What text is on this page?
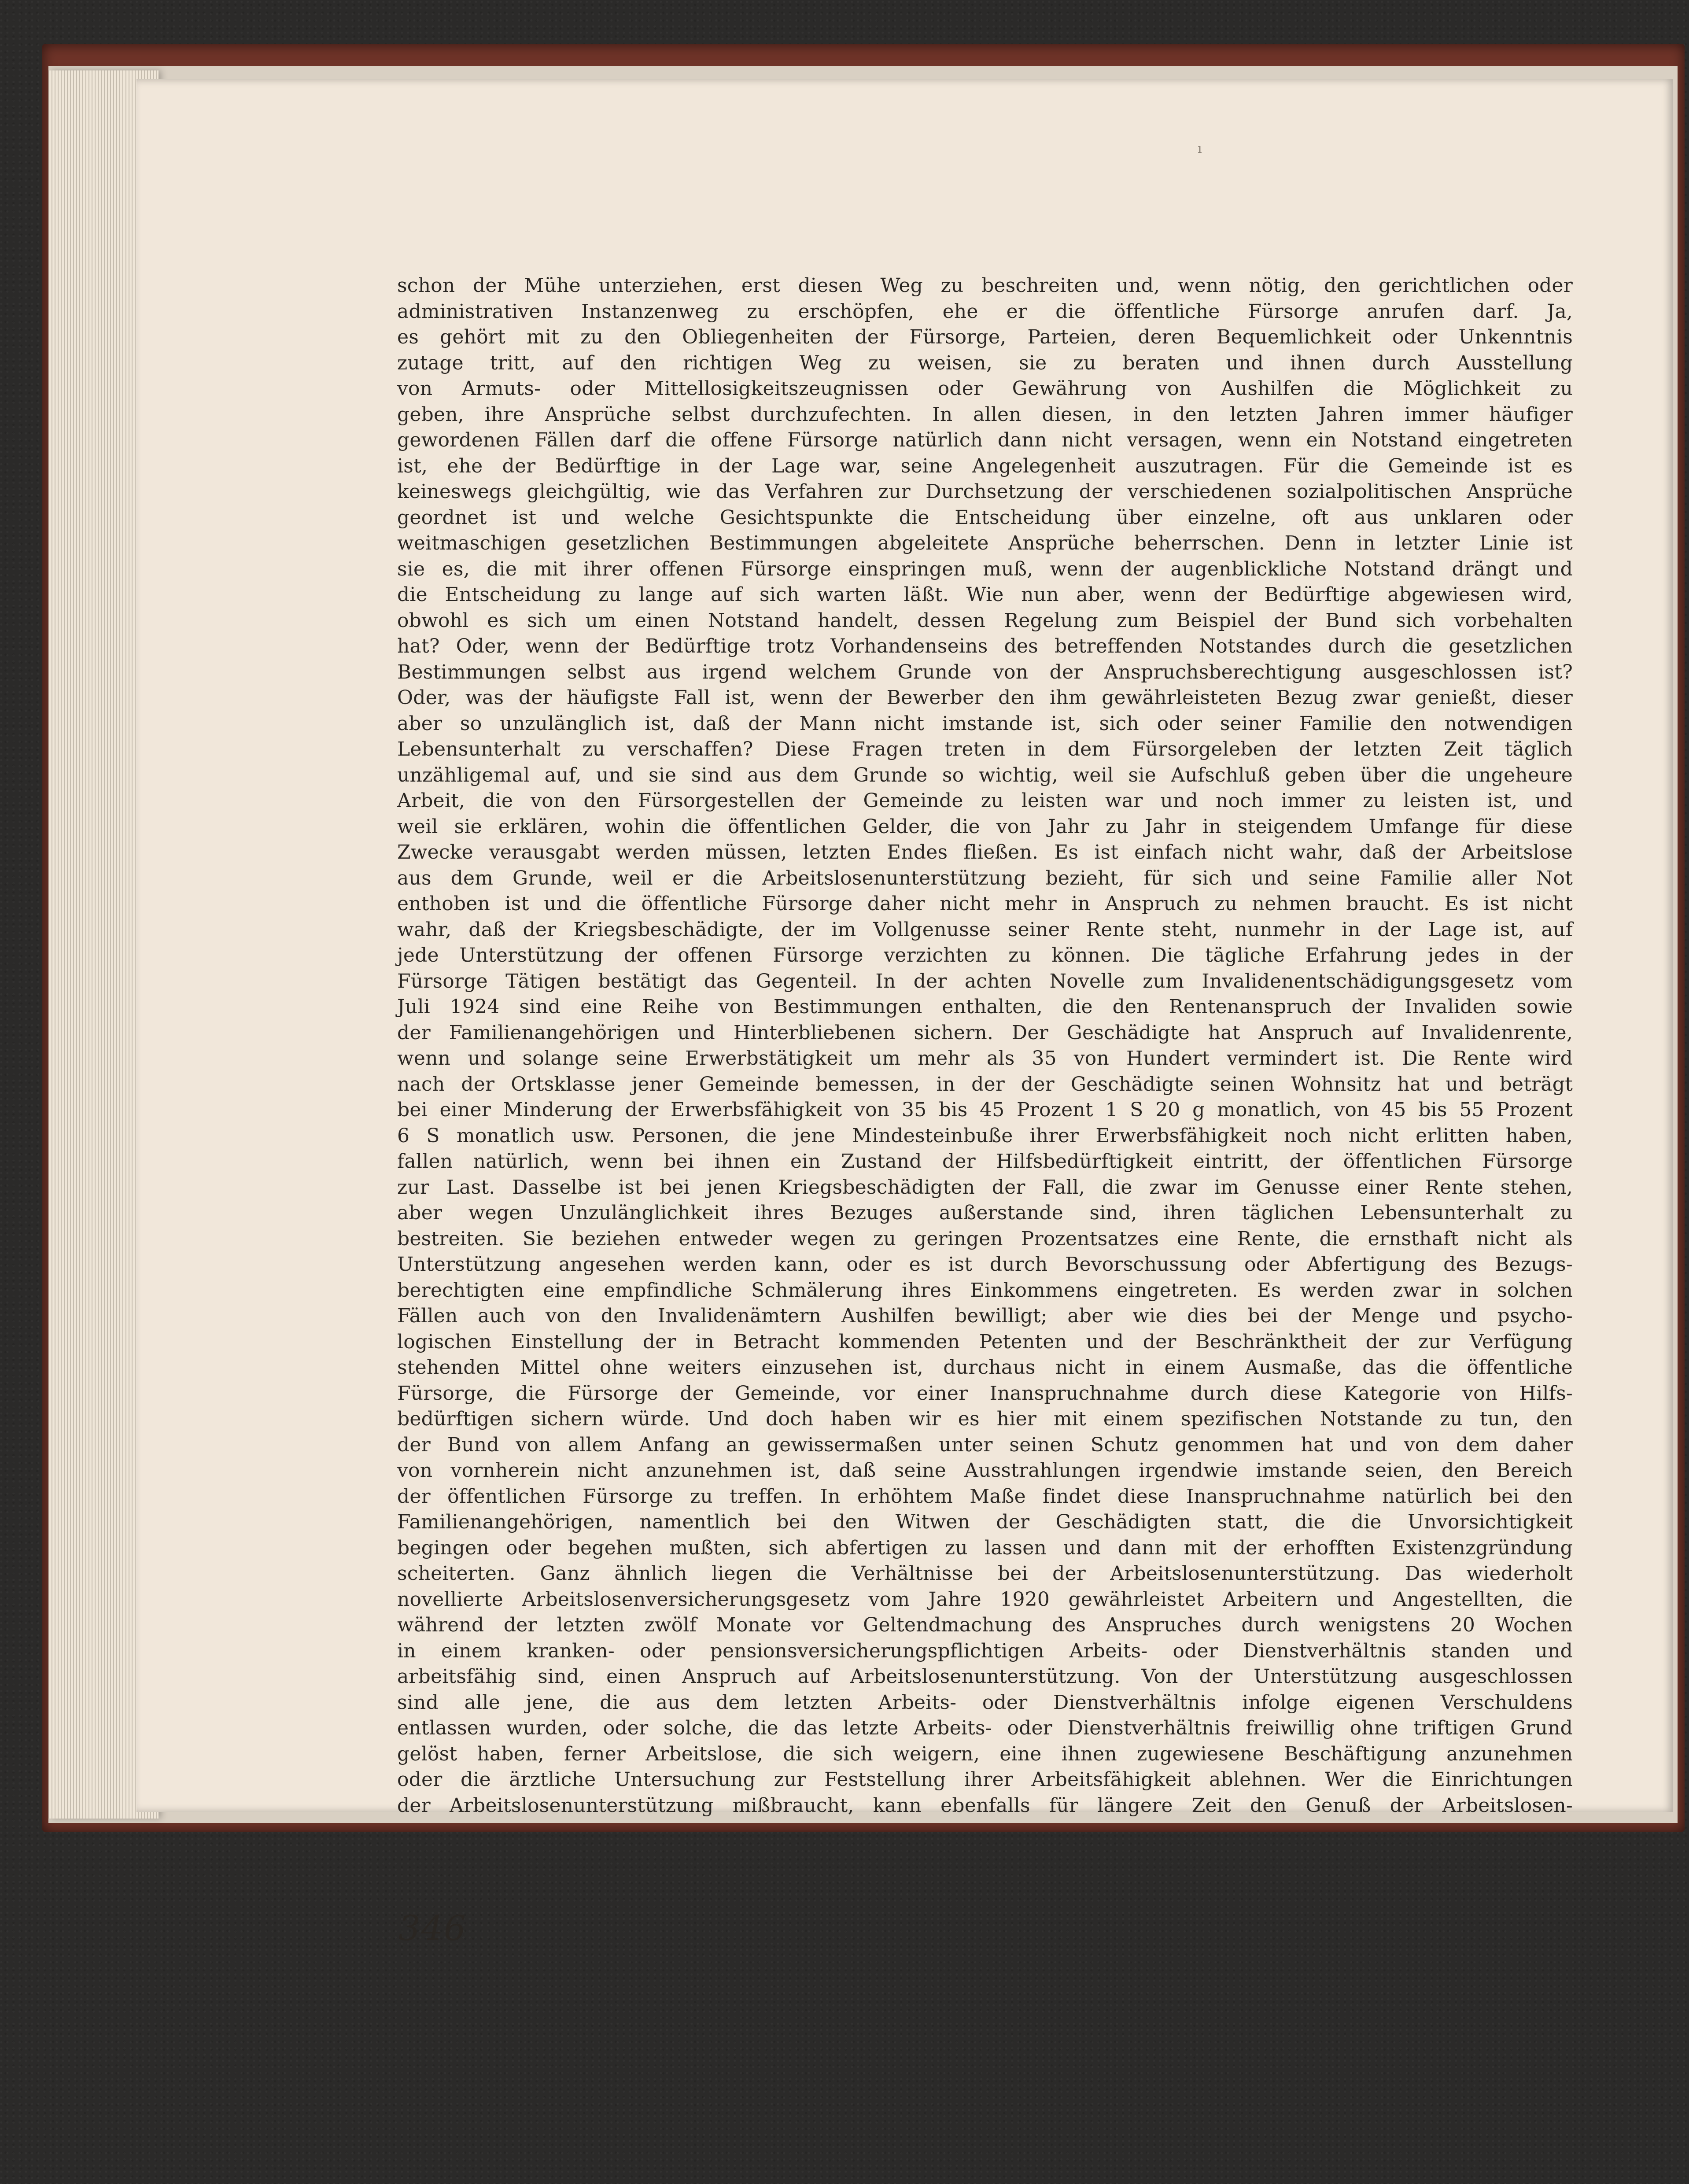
ı
schon der Mühe unterziehen, erst diesen Weg zu beschreiten und, wenn nötig, den gerichtlichen oder
administrativen Instanzenweg zu erschöpfen, ehe er die öffentliche Fürsorge anrufen darf. Ja,
es gehört mit zu den Obliegenheiten der Fürsorge, Parteien, deren Bequemlichkeit oder Unkenntnis
zutage tritt, auf den richtigen Weg zu weisen, sie zu beraten und ihnen durch Ausstellung
von Armuts- oder Mittellosigkeitszeugnissen oder Gewährung von Aushilfen die Möglichkeit zu
geben, ihre Ansprüche selbst durchzufechten. In allen diesen, in den letzten Jahren immer häufiger
gewordenen Fällen darf die offene Fürsorge natürlich dann nicht versagen, wenn ein Notstand eingetreten
ist, ehe der Bedürftige in der Lage war, seine Angelegenheit auszutragen. Für die Gemeinde ist es
keineswegs gleichgültig, wie das Verfahren zur Durchsetzung der verschiedenen sozialpolitischen Ansprüche
geordnet ist und welche Gesichtspunkte die Entscheidung über einzelne, oft aus unklaren oder
weitmaschigen gesetzlichen Bestimmungen abgeleitete Ansprüche beherrschen. Denn in letzter Linie ist
sie es, die mit ihrer offenen Fürsorge einspringen muß, wenn der augenblickliche Notstand drängt und
die Entscheidung zu lange auf sich warten läßt. Wie nun aber, wenn der Bedürftige abgewiesen wird,
obwohl es sich um einen Notstand handelt, dessen Regelung zum Beispiel der Bund sich vorbehalten
hat? Oder, wenn der Bedürftige trotz Vorhandenseins des betreffenden Notstandes durch die gesetzlichen
Bestimmungen selbst aus irgend welchem Grunde von der Anspruchsberechtigung ausgeschlossen ist?
Oder, was der häufigste Fall ist, wenn der Bewerber den ihm gewährleisteten Bezug zwar genießt, dieser
aber so unzulänglich ist, daß der Mann nicht imstande ist, sich oder seiner Familie den notwendigen
Lebensunterhalt zu verschaffen? Diese Fragen treten in dem Fürsorgeleben der letzten Zeit täglich
unzähligemal auf, und sie sind aus dem Grunde so wichtig, weil sie Aufschluß geben über die ungeheure
Arbeit, die von den Fürsorgestellen der Gemeinde zu leisten war und noch immer zu leisten ist, und
weil sie erklären, wohin die öffentlichen Gelder, die von Jahr zu Jahr in steigendem Umfange für diese
Zwecke verausgabt werden müssen, letzten Endes fließen. Es ist einfach nicht wahr, daß der Arbeitslose
aus dem Grunde, weil er die Arbeitslosenunterstützung bezieht, für sich und seine Familie aller Not
enthoben ist und die öffentliche Fürsorge daher nicht mehr in Anspruch zu nehmen braucht. Es ist nicht
wahr, daß der Kriegsbeschädigte, der im Vollgenusse seiner Rente steht, nunmehr in der Lage ist, auf
jede Unterstützung der offenen Fürsorge verzichten zu können. Die tägliche Erfahrung jedes in der
Fürsorge Tätigen bestätigt das Gegenteil. In der achten Novelle zum Invalidenentschädigungsgesetz vom
Juli 1924 sind eine Reihe von Bestimmungen enthalten, die den Rentenanspruch der Invaliden sowie
der Familienangehörigen und Hinterbliebenen sichern. Der Geschädigte hat Anspruch auf Invalidenrente,
wenn und solange seine Erwerbstätigkeit um mehr als 35 von Hundert vermindert ist. Die Rente wird
nach der Ortsklasse jener Gemeinde bemessen, in der der Geschädigte seinen Wohnsitz hat und beträgt
bei einer Minderung der Erwerbsfähigkeit von 35 bis 45 Prozent 1 S 20 g monatlich, von 45 bis 55 Prozent
6 S monatlich usw. Personen, die jene Mindesteinbuße ihrer Erwerbsfähigkeit noch nicht erlitten haben,
fallen natürlich, wenn bei ihnen ein Zustand der Hilfsbedürftigkeit eintritt, der öffentlichen Fürsorge
zur Last. Dasselbe ist bei jenen Kriegsbeschädigten der Fall, die zwar im Genusse einer Rente stehen,
aber wegen Unzulänglichkeit ihres Bezuges außerstande sind, ihren täglichen Lebensunterhalt zu
bestreiten. Sie beziehen entweder wegen zu geringen Prozentsatzes eine Rente, die ernsthaft nicht als
Unterstützung angesehen werden kann, oder es ist durch Bevorschussung oder Abfertigung des Bezugs-
berechtigten eine empfindliche Schmälerung ihres Einkommens eingetreten. Es werden zwar in solchen
Fällen auch von den Invalidenämtern Aushilfen bewilligt; aber wie dies bei der Menge und psycho-
logischen Einstellung der in Betracht kommenden Petenten und der Beschränktheit der zur Verfügung
stehenden Mittel ohne weiters einzusehen ist, durchaus nicht in einem Ausmaße, das die öffentliche
Fürsorge, die Fürsorge der Gemeinde, vor einer Inanspruchnahme durch diese Kategorie von Hilfs-
bedürftigen sichern würde. Und doch haben wir es hier mit einem spezifischen Notstande zu tun, den
der Bund von allem Anfang an gewissermaßen unter seinen Schutz genommen hat und von dem daher
von vornherein nicht anzunehmen ist, daß seine Ausstrahlungen irgendwie imstande seien, den Bereich
der öffentlichen Fürsorge zu treffen. In erhöhtem Maße findet diese Inanspruchnahme natürlich bei den
Familienangehörigen, namentlich bei den Witwen der Geschädigten statt, die die Unvorsichtigkeit
begingen oder begehen mußten, sich abfertigen zu lassen und dann mit der erhofften Existenzgründung
scheiterten. Ganz ähnlich liegen die Verhältnisse bei der Arbeitslosenunterstützung. Das wiederholt
novellierte Arbeitslosenversicherungsgesetz vom Jahre 1920 gewährleistet Arbeitern und Angestellten, die
während der letzten zwölf Monate vor Geltendmachung des Anspruches durch wenigstens 20 Wochen
in einem kranken- oder pensionsversicherungspflichtigen Arbeits- oder Dienstverhältnis standen und
arbeitsfähig sind, einen Anspruch auf Arbeitslosenunterstützung. Von der Unterstützung ausgeschlossen
sind alle jene, die aus dem letzten Arbeits- oder Dienstverhältnis infolge eigenen Verschuldens
entlassen wurden, oder solche, die das letzte Arbeits- oder Dienstverhältnis freiwillig ohne triftigen Grund
gelöst haben, ferner Arbeitslose, die sich weigern, eine ihnen zugewiesene Beschäftigung anzunehmen
oder die ärztliche Untersuchung zur Feststellung ihrer Arbeitsfähigkeit ablehnen. Wer die Einrichtungen
der Arbeitslosenunterstützung mißbraucht, kann ebenfalls für längere Zeit den Genuß der Arbeitslosen-
346
